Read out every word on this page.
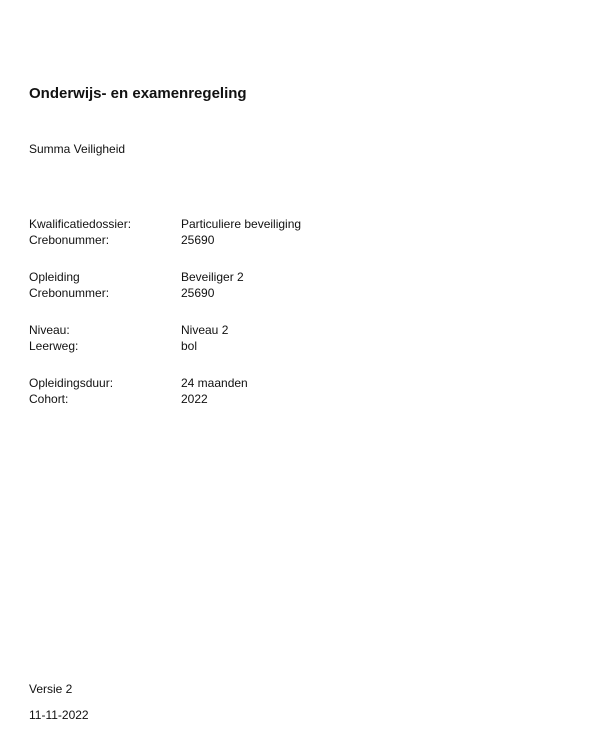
Onderwijs- en examenregeling
Summa Veiligheid
Kwalificatiedossier:	Particuliere beveiliging
Crebonummer:	25690
Opleiding	Beveiliger 2
Crebonummer:	25690
Niveau:	Niveau 2
Leerweg:	bol
Opleidingsduur:	24 maanden
Cohort:	2022
Versie 2
11-11-2022
